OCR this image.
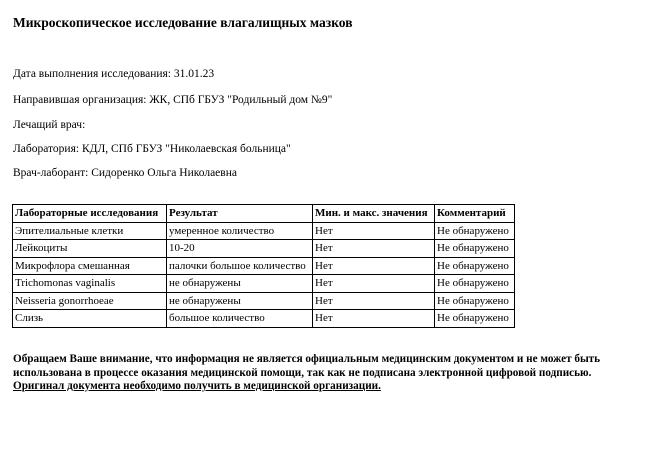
Микроскопическое исследование влагалищных мазков
Дата выполнения исследования: 31.01.23
Направившая организация: ЖК, СПб ГБУЗ "Родильный дом №9"
Лечащий врач:
Лаборатория: КДЛ, СПб ГБУЗ "Николаевская больница"
Врач-лаборант: Сидоренко Ольга Николаевна
Лабораторные исследования	Результат	Мин. и макс. значения	Комментарий
Эпителиальные клетки	умеренное количество	Нет	Не обнаружено
Лейкоциты	10-20	Нет	Не обнаружено
Микрофлора смешанная	палочки большое количество	Нет	Не обнаружено
Trichomonas vaginalis	не обнаружены	Нет	Не обнаружено
Neisseria gonorrhoeae	не обнаружены	Нет	Не обнаружено
Слизь	большое количество	Нет	Не обнаружено
Обращаем Ваше внимание, что информация не является официальным медицинским документом и не может быть использована в процессе оказания медицинской помощи, так как не подписана электронной цифровой подписью. Оригинал документа необходимо получить в медицинской организации.
